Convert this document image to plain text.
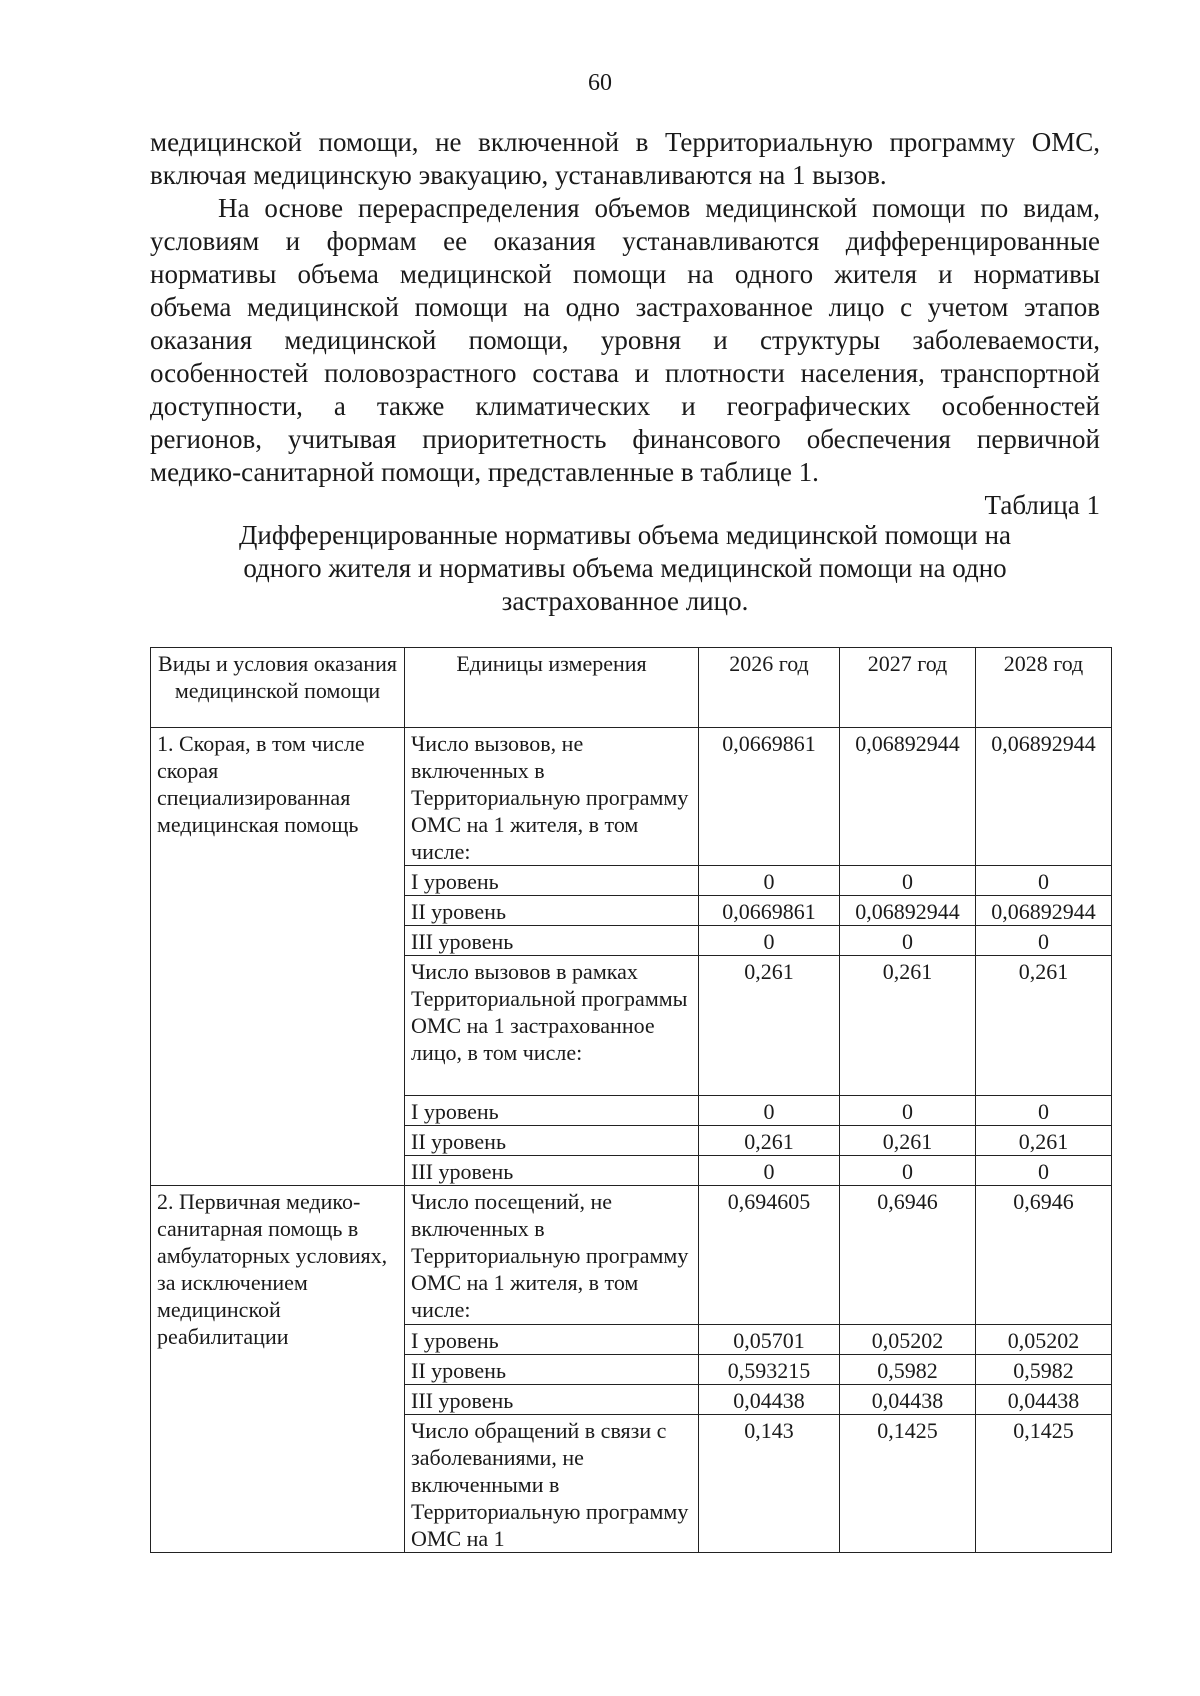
60
медицинской помощи, не включенной в Территориальную программу ОМС,
включая медицинскую эвакуацию, устанавливаются на 1 вызов.
На основе перераспределения объемов медицинской помощи по видам,
условиям и формам ее оказания устанавливаются дифференцированные
нормативы объема медицинской помощи на одного жителя и нормативы
объема медицинской помощи на одно застрахованное лицо с учетом этапов
оказания медицинской помощи, уровня и структуры заболеваемости,
особенностей половозрастного состава и плотности населения, транспортной
доступности, а также климатических и географических особенностей
регионов, учитывая приоритетность финансового обеспечения первичной
медико-санитарной помощи, представленные в таблице 1.
Таблица 1
Дифференцированные нормативы объема медицинской помощи на
одного жителя и нормативы объема медицинской помощи на одно
застрахованное лицо.
Виды и условия оказания медицинской помощи	Единицы измерения	2026 год	2027 год	2028 год
1. Скорая, в том числе скорая специализированная медицинская помощь	Число вызовов, не включенных в Территориальную программу ОМС на 1 жителя, в том числе:	0,0669861	0,06892944	0,06892944
	I уровень	0	0	0
	II уровень	0,0669861	0,06892944	0,06892944
	III уровень	0	0	0
	Число вызовов в рамках Территориальной программы ОМС на 1 застрахованное лицо, в том числе:	0,261	0,261	0,261
	I уровень	0	0	0
	II уровень	0,261	0,261	0,261
	III уровень	0	0	0
2. Первичная медико-санитарная помощь в амбулаторных условиях, за исключением медицинской реабилитации	Число посещений, не включенных в Территориальную программу ОМС на 1 жителя, в том числе:	0,694605	0,6946	0,6946
	I уровень	0,05701	0,05202	0,05202
	II уровень	0,593215	0,5982	0,5982
	III уровень	0,04438	0,04438	0,04438
	Число обращений в связи с заболеваниями, не включенными в Территориальную программу ОМС на 1	0,143	0,1425	0,1425
